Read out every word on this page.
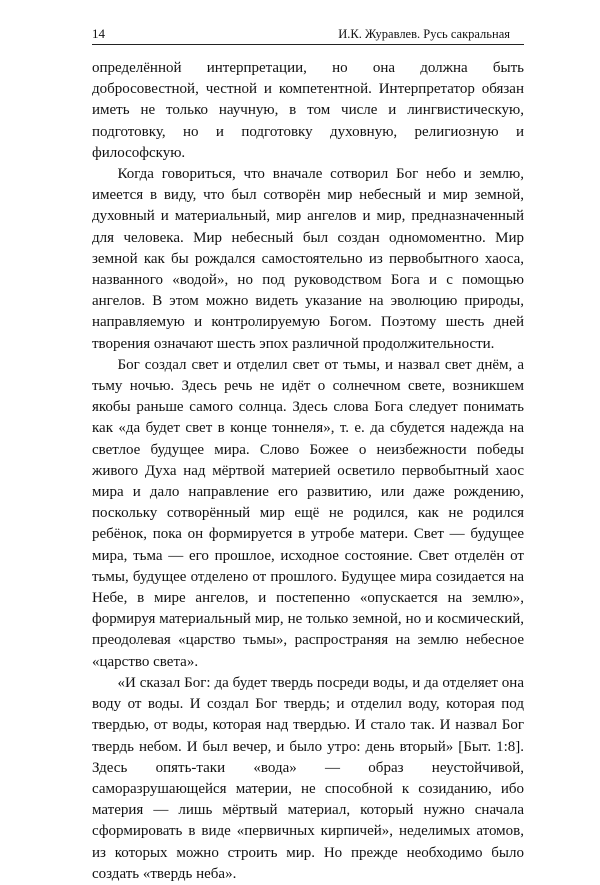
14	И.К. Журавлев. Русь сакральная

определённой интерпретации, но она должна быть добросовестной, честной и компетентной. Интерпретатор обязан иметь не только научную, в том числе и лингвистическую, подготовку, но и подготовку духовную, религиозную и философскую.

Когда говориться, что вначале сотворил Бог небо и землю, имеется в виду, что был сотворён мир небесный и мир земной, духовный и материальный, мир ангелов и мир, предназначенный для человека. Мир небесный был создан одномоментно. Мир земной как бы рождался самостоятельно из первобытного хаоса, названного «водой», но под руководством Бога и с помощью ангелов. В этом можно видеть указание на эволюцию природы, направляемую и контролируемую Богом. Поэтому шесть дней творения означают шесть эпох различной продолжительности.

Бог создал свет и отделил свет от тьмы, и назвал свет днём, а тьму ночью. Здесь речь не идёт о солнечном свете, возникшем якобы раньше самого солнца. Здесь слова Бога следует понимать как «да будет свет в конце тоннеля», т. е. да сбудется надежда на светлое будущее мира. Слово Божее о неизбежности победы живого Духа над мёртвой материей осветило первобытный хаос мира и дало направление его развитию, или даже рождению, поскольку сотворённый мир ещё не родился, как не родился ребёнок, пока он формируется в утробе матери. Свет — будущее мира, тьма — его прошлое, исходное состояние. Свет отделён от тьмы, будущее отделено от прошлого. Будущее мира созидается на Небе, в мире ангелов, и постепенно «опускается на землю», формируя материальный мир, не только земной, но и космический, преодолевая «царство тьмы», распространяя на землю небесное «царство света».

«И сказал Бог: да будет твердь посреди воды, и да отделяет она воду от воды. И создал Бог твердь; и отделил воду, которая под твердью, от воды, которая над твердью. И стало так. И назвал Бог твердь небом. И был вечер, и было утро: день вторый» [Быт. 1:8]. Здесь опять-таки «вода» — образ неустойчивой, саморазрушающейся материи, не способной к созиданию, ибо материя — лишь мёртвый материал, который нужно сначала сформировать в виде «первичных кирпичей», неделимых атомов, из которых можно строить мир. Но прежде необходимо было создать «твердь неба».
